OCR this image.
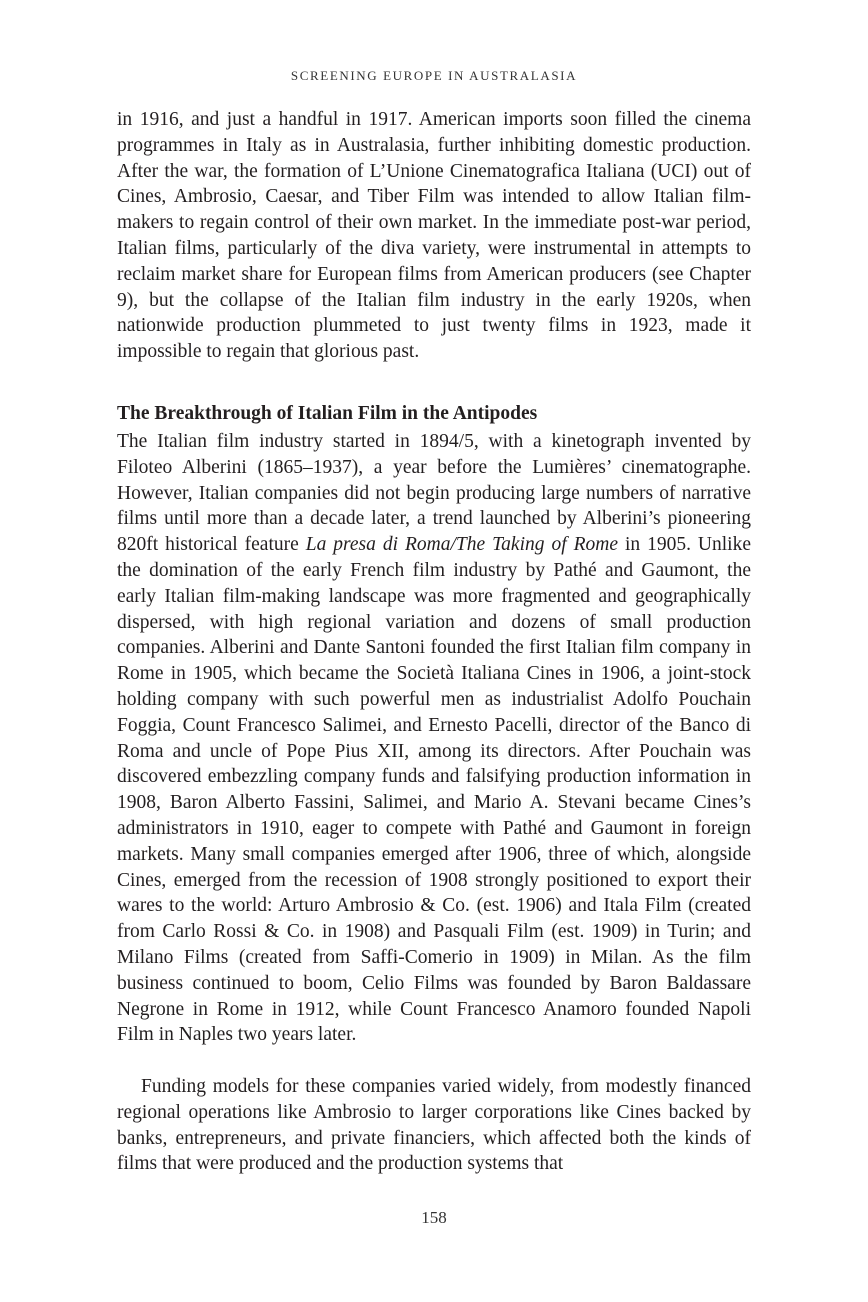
SCREENING EUROPE IN AUSTRALASIA

in 1916, and just a handful in 1917. American imports soon filled the cinema programmes in Italy as in Australasia, further inhibiting domestic production. After the war, the formation of L’Unione Cinematografica Italiana (UCI) out of Cines, Ambrosio, Caesar, and Tiber Film was intended to allow Italian film-makers to regain control of their own market. In the immediate post-war period, Italian films, particularly of the diva variety, were instrumental in attempts to reclaim market share for European films from American producers (see Chapter 9), but the collapse of the Italian film industry in the early 1920s, when nationwide production plummeted to just twenty films in 1923, made it impossible to regain that glorious past.

The Breakthrough of Italian Film in the Antipodes

The Italian film industry started in 1894/5, with a kinetograph invented by Filoteo Alberini (1865–1937), a year before the Lumières’ cinematographe. However, Italian companies did not begin producing large numbers of narrative films until more than a decade later, a trend launched by Alberini’s pioneering 820ft historical feature La presa di Roma/The Taking of Rome in 1905. Unlike the domination of the early French film industry by Pathé and Gaumont, the early Italian film-making landscape was more fragmented and geographically dispersed, with high regional variation and dozens of small production companies. Alberini and Dante Santoni founded the first Italian film company in Rome in 1905, which became the Società Italiana Cines in 1906, a joint-stock holding company with such powerful men as industrialist Adolfo Pouchain Foggia, Count Francesco Salimei, and Ernesto Pacelli, director of the Banco di Roma and uncle of Pope Pius XII, among its directors. After Pouchain was discovered embezzling company funds and falsifying production information in 1908, Baron Alberto Fassini, Salimei, and Mario A. Stevani became Cines’s administrators in 1910, eager to compete with Pathé and Gaumont in foreign markets. Many small companies emerged after 1906, three of which, alongside Cines, emerged from the recession of 1908 strongly positioned to export their wares to the world: Arturo Ambrosio & Co. (est. 1906) and Itala Film (created from Carlo Rossi & Co. in 1908) and Pasquali Film (est. 1909) in Turin; and Milano Films (created from Saffi-Comerio in 1909) in Milan. As the film business continued to boom, Celio Films was founded by Baron Baldassare Negrone in Rome in 1912, while Count Francesco Anamoro founded Napoli Film in Naples two years later.

Funding models for these companies varied widely, from modestly financed regional operations like Ambrosio to larger corporations like Cines backed by banks, entrepreneurs, and private financiers, which affected both the kinds of films that were produced and the production systems that

158
